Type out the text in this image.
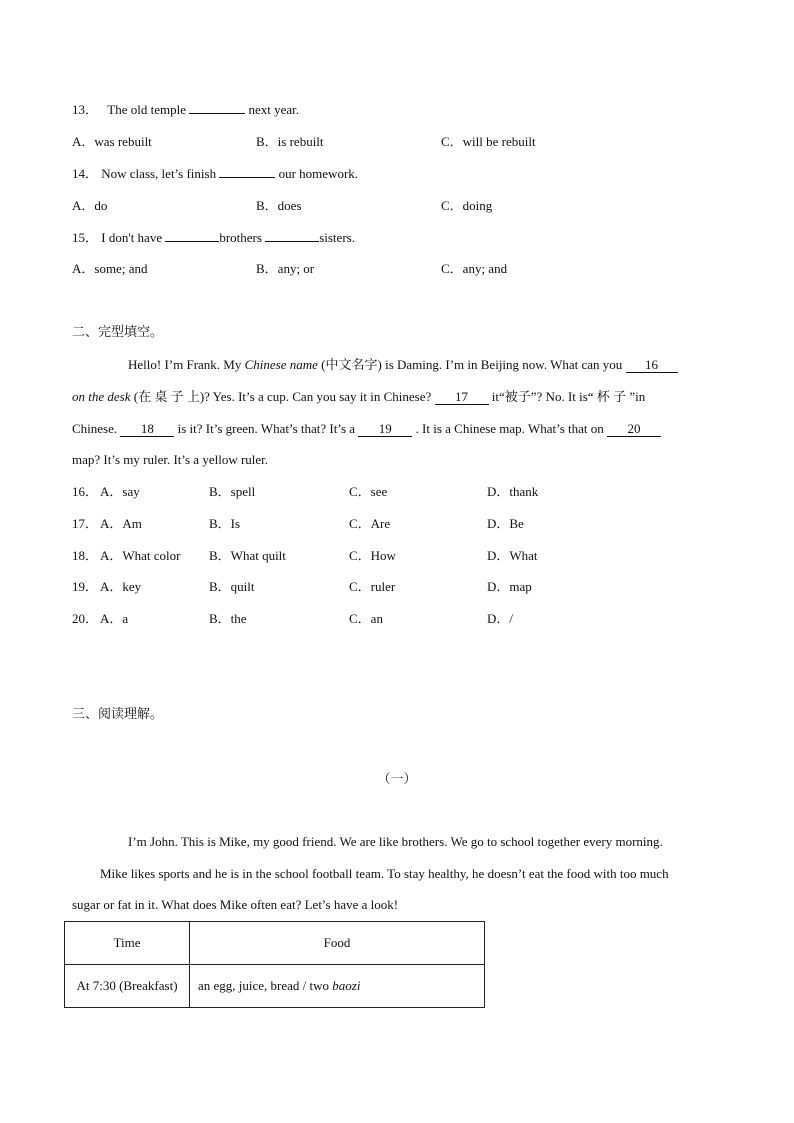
13． The old temple	next year.
A．was rebuilt	B．is rebuilt	C．will be rebuilt
14． Now class, let’s finish	our homework.
A．do	B．does	C．doing
15． I don't have	brothers	sisters.
A．some; and	B．any; or	C．any; and
二、完型填空。
Hello! I’m Frank. My Chinese name (中文名字) is Daming. I’m in Beijing now. What can you 16
on the desk (在 桌 子 上)? Yes. It’s a cup. Can you say it in Chinese? 17 it“被子”? No. It is“ 杯 子 ”in
Chinese. 18 is it? It’s green. What’s that? It’s a 19 . It is a Chinese map. What’s that on 20
map? It’s my ruler. It’s a yellow ruler.
16． A．say	B．spell	C．see	D．thank
17． A．Am	B．Is	C．Are	D．Be
18． A．What color B．What quilt	C．How	D．What
19． A．key	B．quilt	C．ruler	D．map
20． A．a	B．the	C．an	D．/
三、阅读理解。
（一）
I’m John. This is Mike, my good friend. We are like brothers. We go to school together every morning.
Mike likes sports and he is in the school football team. To stay healthy, he doesn’t eat the food with too much
sugar or fat in it. What does Mike often eat? Let’s have a look!
Time	Food
At 7:30 (Breakfast)	an egg, juice, bread / two baozi
